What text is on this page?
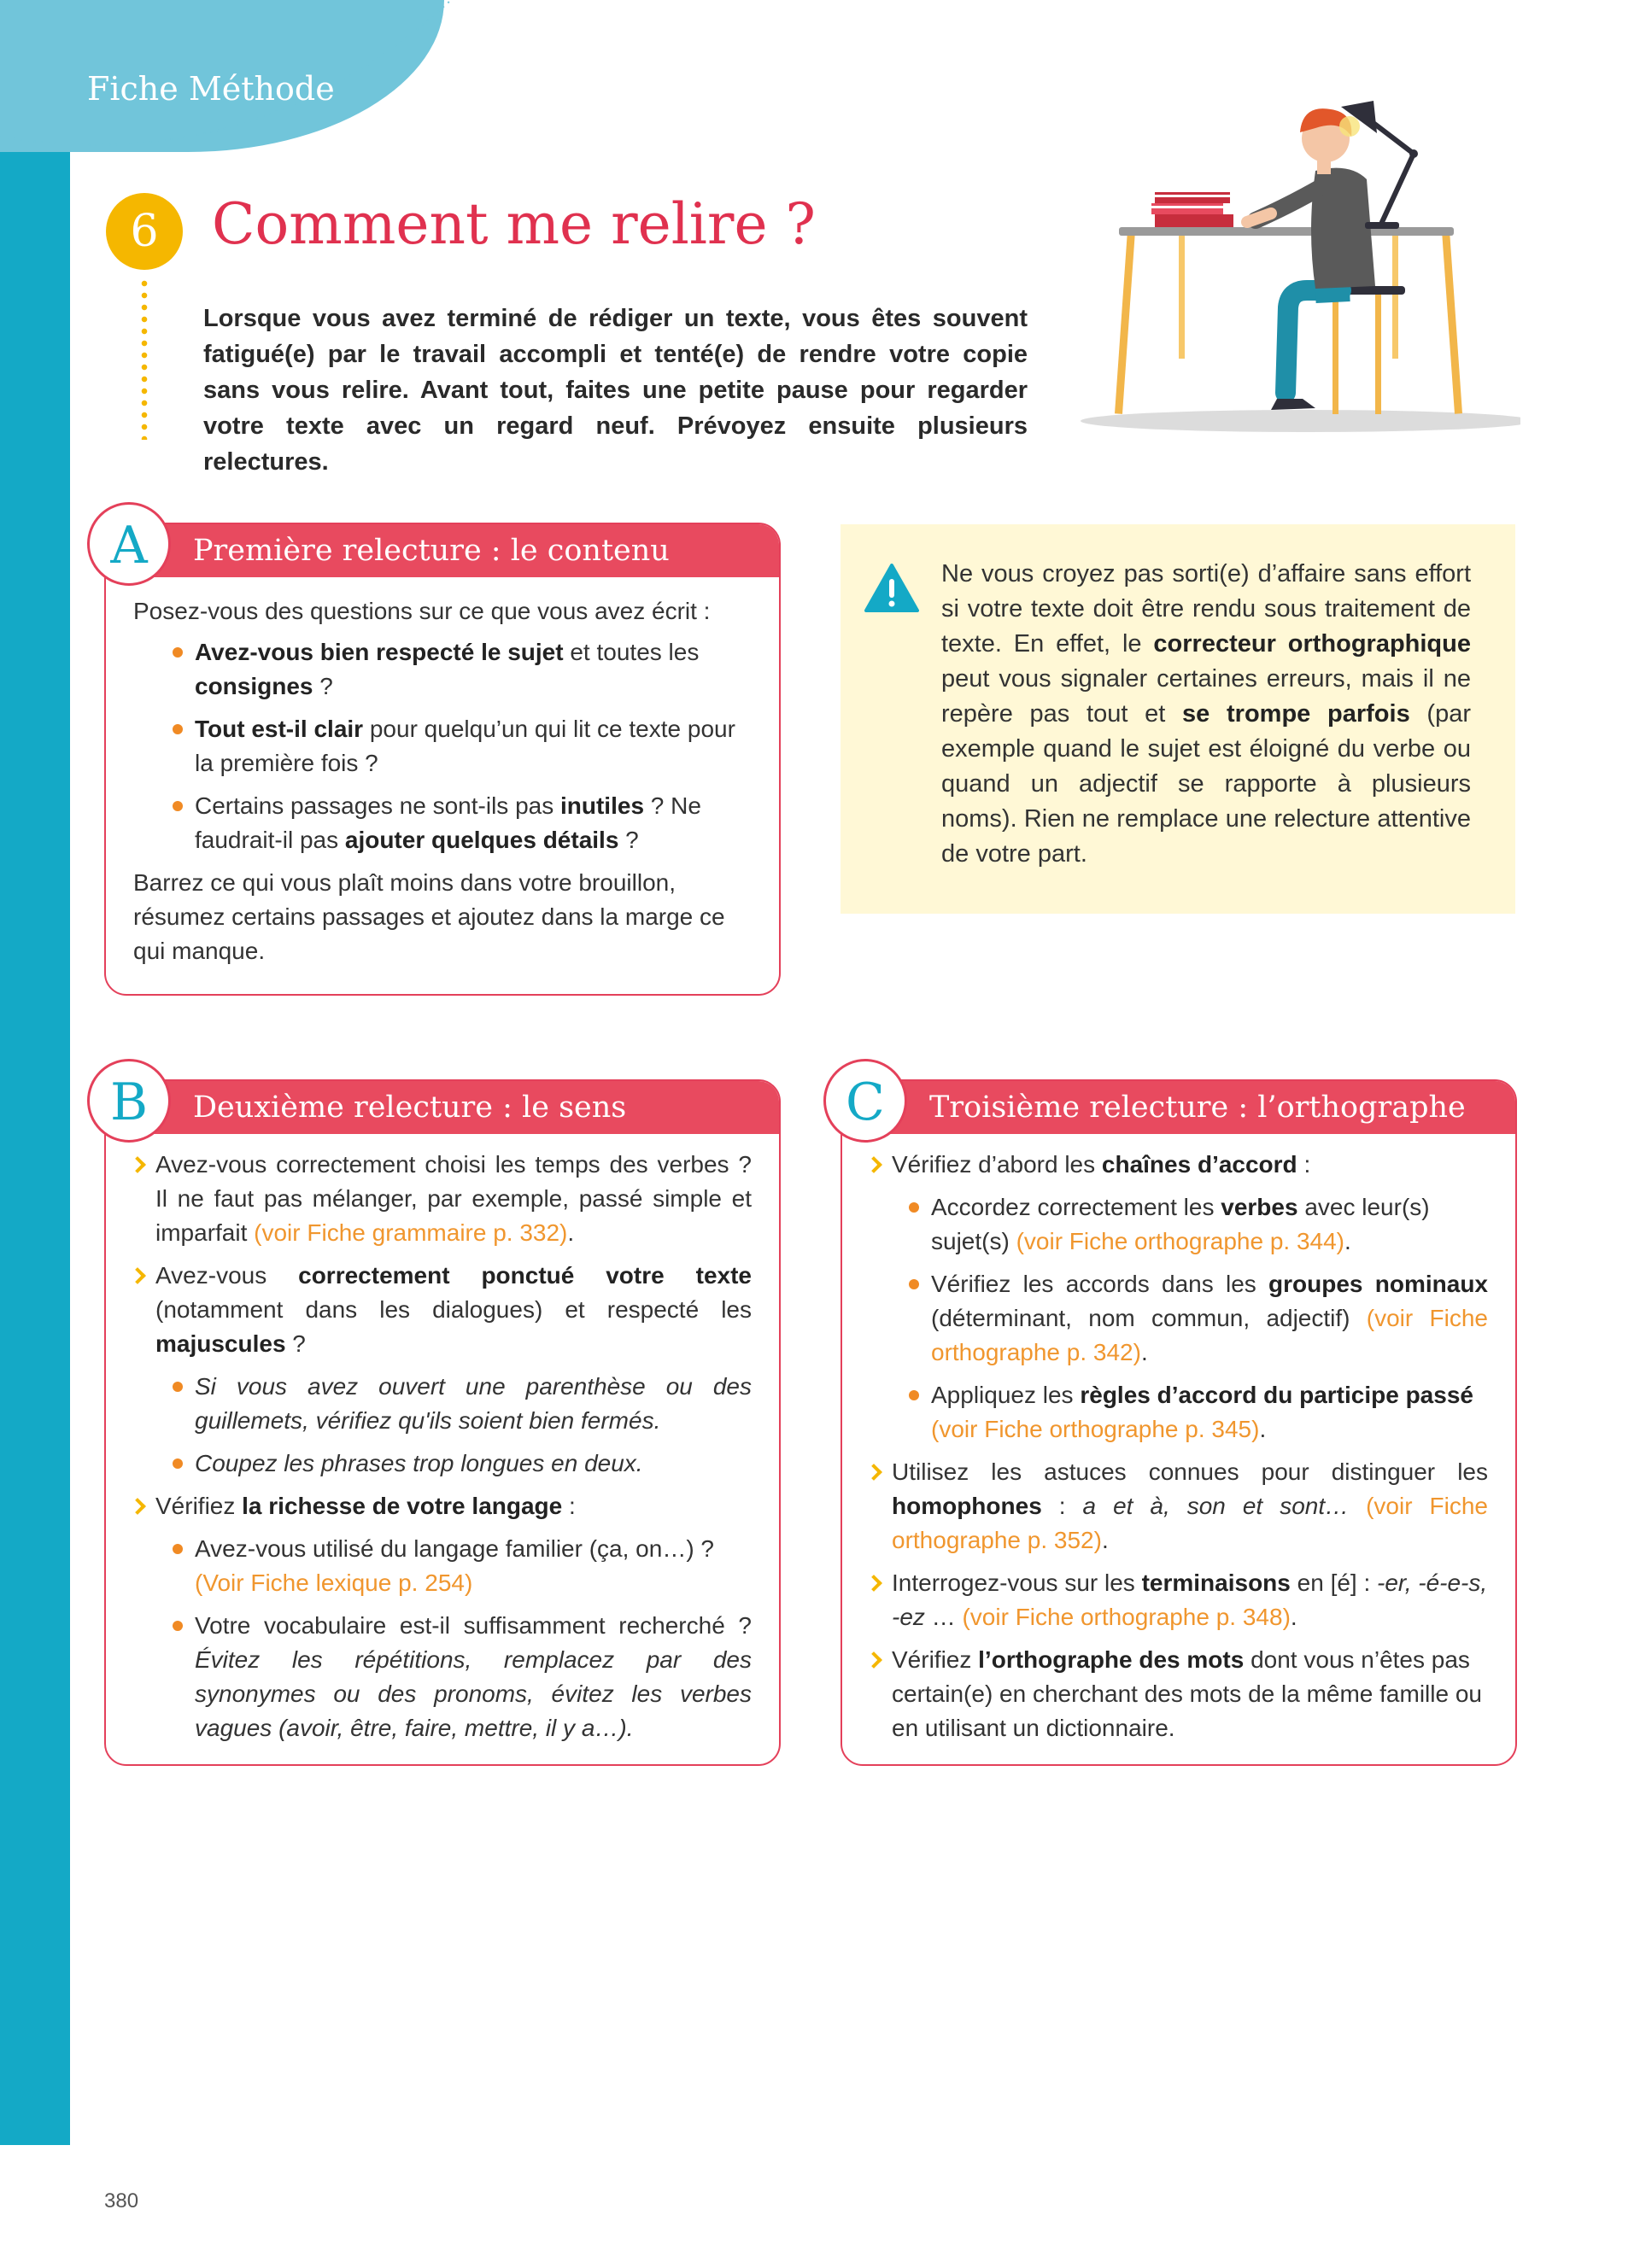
Fiche Méthode
6 Comment me relire ?
Lorsque vous avez terminé de rédiger un texte, vous êtes souvent fatigué(e) par le travail accompli et tenté(e) de rendre votre copie sans vous relire. Avant tout, faites une petite pause pour regarder votre texte avec un regard neuf. Prévoyez ensuite plusieurs relectures.
Première relecture : le contenu

Posez-vous des questions sur ce que vous avez écrit :

Avez-vous bien respecté le sujet et toutes les consignes ?
Tout est-il clair pour quelqu’un qui lit ce texte pour la première fois ?
Certains passages ne sont-ils pas inutiles ? Ne faudrait-il pas ajouter quelques détails ?

Barrez ce qui vous plaît moins dans votre brouillon, résumez certains passages et ajoutez dans la marge ce qui manque.

A	Ne vous croyez pas sorti(e) d’affaire sans effort si votre texte doit être rendu sous traitement de texte. En effet, le correcteur orthographique peut vous signaler certaines erreurs, mais il ne repère pas tout et se trompe parfois (par exemple quand le sujet est éloigné du verbe ou quand un adjectif se rapporte à plusieurs noms). Rien ne remplace une relecture attentive de votre part.
Deuxième relecture : le sens
Avez-vous correctement choisi les temps des verbes ? Il ne faut pas mélanger, par exemple, passé simple et imparfait (voir Fiche grammaire p. 332).
Avez-vous correctement ponctué votre texte (notamment dans les dialogues) et respecté les majuscules ?
Si vous avez ouvert une parenthèse ou des guillemets, vérifiez qu'ils soient bien fermés.
Coupez les phrases trop longues en deux.
Vérifiez la richesse de votre langage :
Avez-vous utilisé du langage familier (ça, on…) ? (Voir Fiche lexique p. 254)
Votre vocabulaire est-il suffisamment recherché ? Évitez les répétitions, remplacez par des synonymes ou des pronoms, évitez les verbes vagues (avoir, être, faire, mettre, il y a…).
B	Troisième relecture : l’orthographe
Vérifiez d’abord les chaînes d’accord :
Accordez correctement les verbes avec leur(s) sujet(s) (voir Fiche orthographe p. 344).
Vérifiez les accords dans les groupes nominaux (déterminant, nom commun, adjectif) (voir Fiche orthographe p. 342).
Appliquez les règles d’accord du participe passé (voir Fiche orthographe p. 345).
Utilisez les astuces connues pour distinguer les homophones : a et à, son et sont… (voir Fiche orthographe p. 352).
Interrogez-vous sur les terminaisons en [é] : -er, -é-e-s, -ez … (voir Fiche orthographe p. 348).
Vérifiez l’orthographe des mots dont vous n’êtes pas certain(e) en cherchant des mots de la même famille ou en utilisant un dictionnaire.
C
380
